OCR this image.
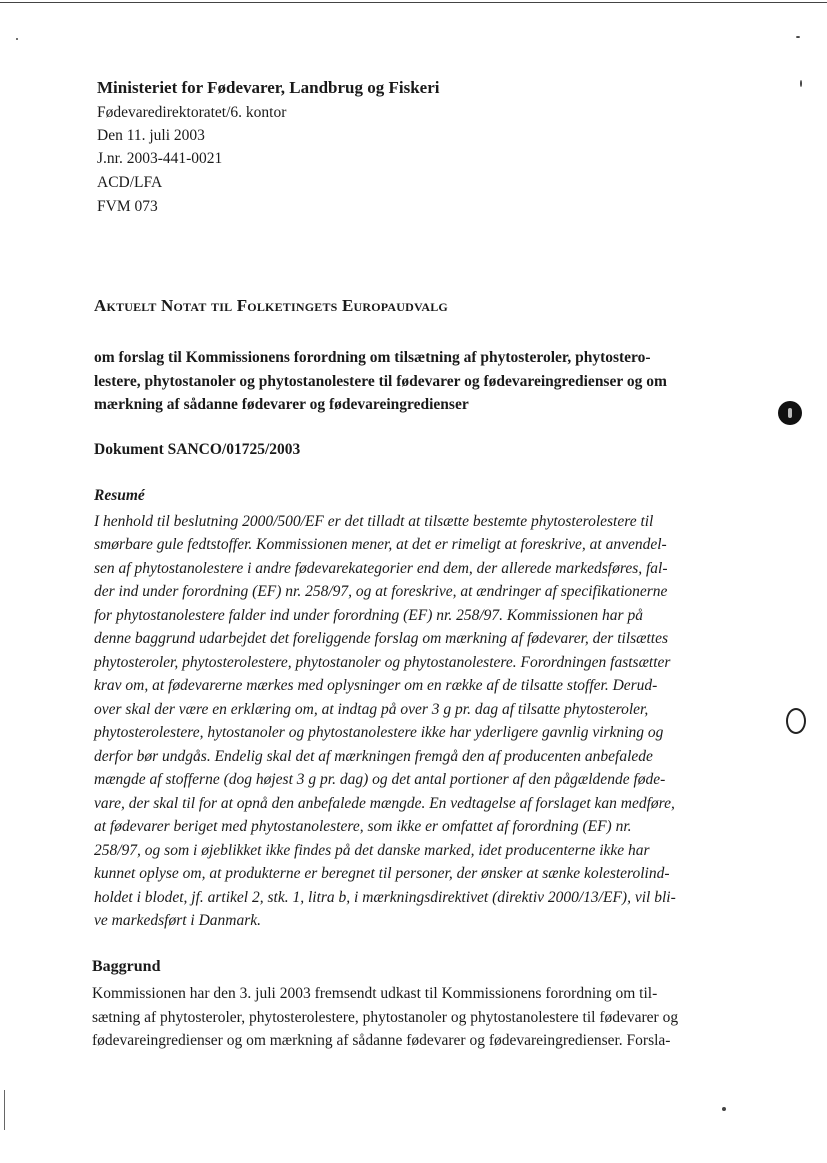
Ministeriet for Fødevarer, Landbrug og Fiskeri
Fødevaredirektoratet/6. kontor
Den 11. juli 2003
J.nr. 2003-441-0021
ACD/LFA
FVM 073
Aktuelt Notat til Folketingets Europaudvalg
om forslag til Kommissionens forordning om tilsætning af phytosteroler, phytostero-
lestere, phytostanoler og phytostanolestere til fødevarer og fødevareingredienser og om
mærkning af sådanne fødevarer og fødevareingredienser
Dokument SANCO/01725/2003
Resumé
I henhold til beslutning 2000/500/EF er det tilladt at tilsætte bestemte phytosterolestere til
smørbare gule fedtstoffer. Kommissionen mener, at det er rimeligt at foreskrive, at anvendel-
sen af phytostanolestere i andre fødevarekategorier end dem, der allerede markedsføres, fal-
der ind under forordning (EF) nr. 258/97, og at foreskrive, at ændringer af specifikationerne
for phytostanolestere falder ind under forordning (EF) nr. 258/97. Kommissionen har på
denne baggrund udarbejdet det foreliggende forslag om mærkning af fødevarer, der tilsættes
phytosteroler, phytosterolestere, phytostanoler og phytostanolestere. Forordningen fastsætter
krav om, at fødevarerne mærkes med oplysninger om en række af de tilsatte stoffer. Derud-
over skal der være en erklæring om, at indtag på over 3 g pr. dag af tilsatte phytosteroler,
phytosterolestere, hytostanoler og phytostanolestere ikke har yderligere gavnlig virkning og
derfor bør undgås. Endelig skal det af mærkningen fremgå den af producenten anbefalede
mængde af stofferne (dog højest 3 g pr. dag) og det antal portioner af den pågældende føde-
vare, der skal til for at opnå den anbefalede mængde. En vedtagelse af forslaget kan medføre,
at fødevarer beriget med phytostanolestere, som ikke er omfattet af forordning (EF) nr.
258/97, og som i øjeblikket ikke findes på det danske marked, idet producenterne ikke har
kunnet oplyse om, at produkterne er beregnet til personer, der ønsker at sænke kolesterolind-
holdet i blodet, jf. artikel 2, stk. 1, litra b, i mærkningsdirektivet (direktiv 2000/13/EF), vil bli-
ve markedsført i Danmark.
Baggrund
Kommissionen har den 3. juli 2003 fremsendt udkast til Kommissionens forordning om til-
sætning af phytosteroler, phytosterolestere, phytostanoler og phytostanolestere til fødevarer og
fødevareingredienser og om mærkning af sådanne fødevarer og fødevareingredienser. Forsla-
